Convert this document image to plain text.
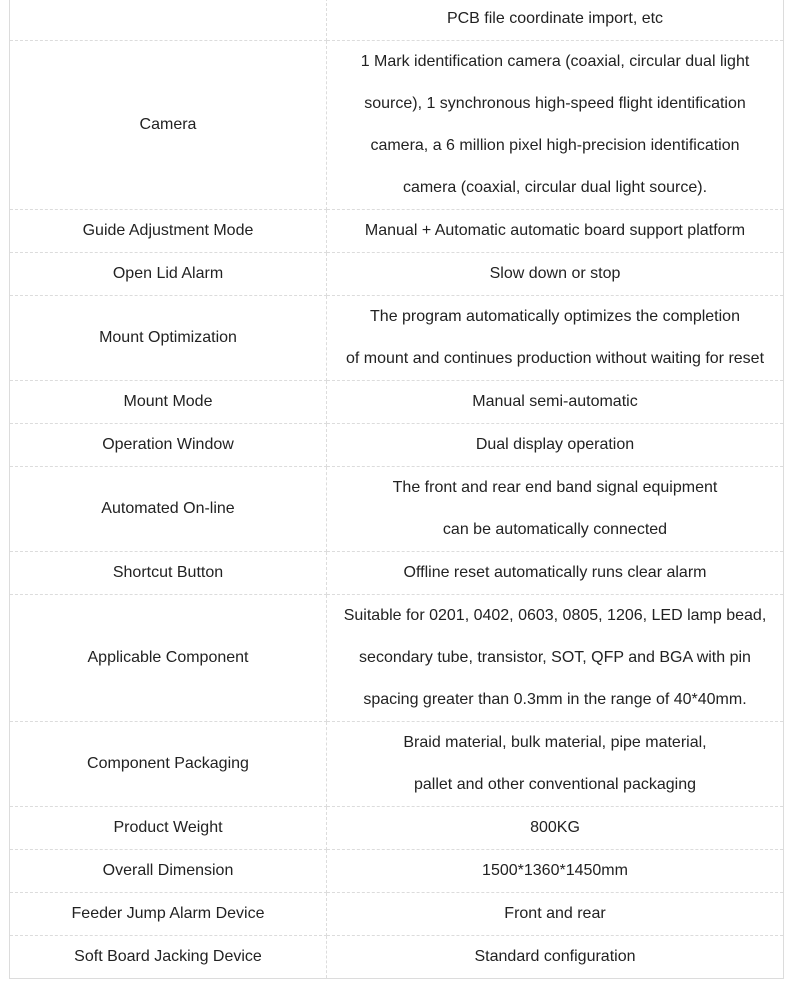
	PCB file coordinate import, etc

Camera	1 Mark identification camera (coaxial, circular dual light
source), 1 synchronous high-speed flight identification
camera, a 6 million pixel high-precision identification
camera (coaxial, circular dual light source).

Guide Adjustment Mode	Manual + Automatic automatic board support platform

Open Lid Alarm	Slow down or stop

Mount Optimization	The program automatically optimizes the completion
of mount and continues production without waiting for reset

Mount Mode	Manual semi-automatic

Operation Window	Dual display operation

Automated On-line	The front and rear end band signal equipment
can be automatically connected

Shortcut Button	Offline reset automatically runs clear alarm

Applicable Component	Suitable for 0201, 0402, 0603, 0805, 1206, LED lamp bead,
secondary tube, transistor, SOT, QFP and BGA with pin
spacing greater than 0.3mm in the range of 40*40mm.

Component Packaging	Braid material, bulk material, pipe material,
pallet and other conventional packaging

Product Weight	800KG

Overall Dimension	1500*1360*1450mm

Feeder Jump Alarm Device	Front and rear

Soft Board Jacking Device	Standard configuration
